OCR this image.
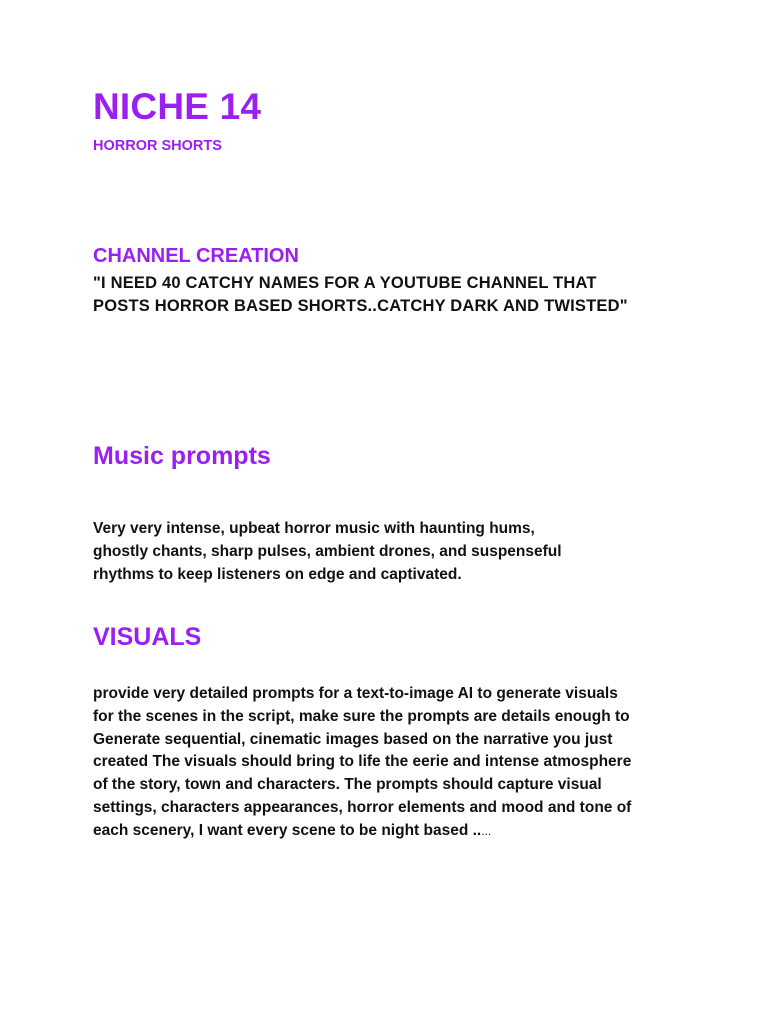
NICHE 14

HORROR SHORTS

CHANNEL CREATION

"I NEED 40 CATCHY NAMES FOR A YOUTUBE CHANNEL THAT
POSTS HORROR BASED SHORTS..CATCHY DARK AND TWISTED"

Music prompts

Very very intense, upbeat horror music with haunting hums,
ghostly chants, sharp pulses, ambient drones, and suspenseful
rhythms to keep listeners on edge and captivated.

VISUALS

provide very detailed prompts for a text-to-image AI to generate visuals
for the scenes in the script, make sure the prompts are details enough to
Generate sequential, cinematic images based on the narrative you just
created The visuals should bring to life the eerie and intense atmosphere
of the story, town and characters. The prompts should capture visual
settings, characters appearances, horror elements and mood and tone of
each scenery, I want every scene to be night based .....
